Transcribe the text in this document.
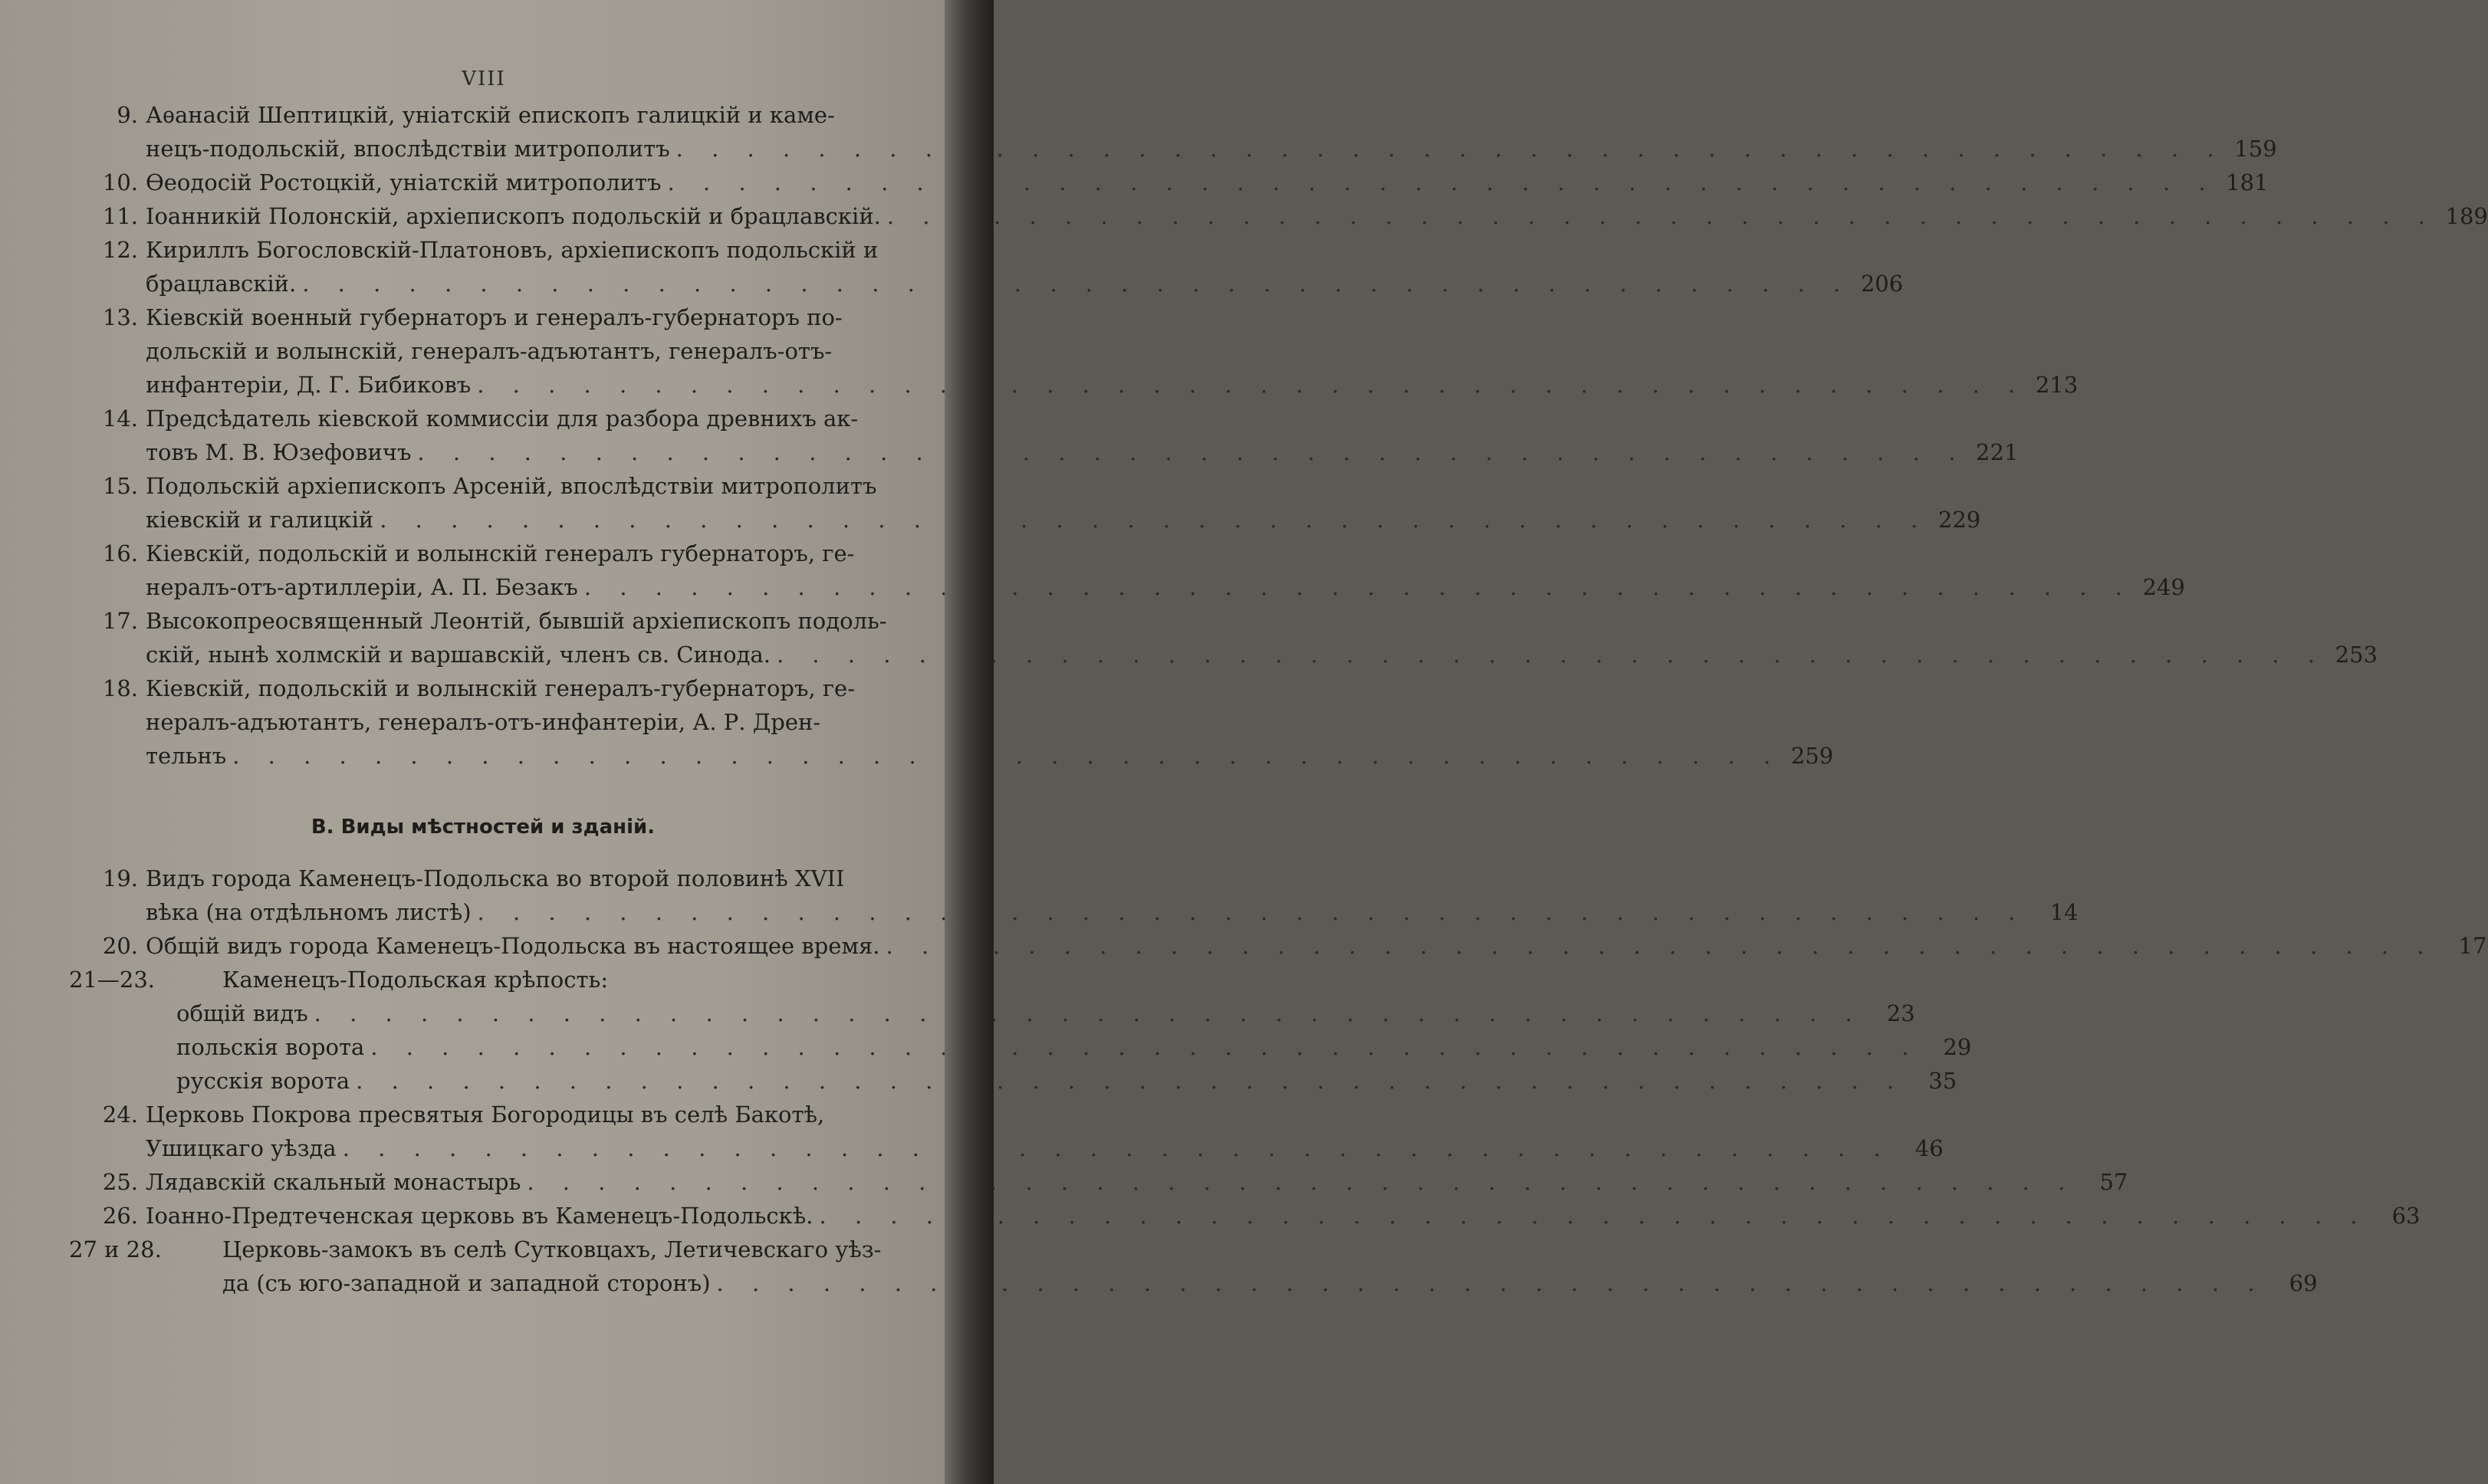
VIII
9. Аѳанасій Шептицкій, уніатскій епископъ галицкій и каме-
нецъ-подольскій, впослѣдствіи митрополитъ . . .	159
10. Ѳеодосій Ростоцкій, уніатскій митрополитъ . . .	181
11. Іоанникій Полонскій, архіепископъ подольскій и брацлавскій. . . .	189
12. Кириллъ Богословскій-Платоновъ, архіепископъ подольскій и
брацлавскій. . . .	206
13. Кіевскій военный губернаторъ и генералъ-губернаторъ по-
дольскій и волынскій, генералъ-адъютантъ, генералъ-отъ-
инфантеріи, Д. Г. Бибиковъ . . .	213
14. Предсѣдатель кіевской коммиссіи для разбора древнихъ ак-
товъ М. В. Юзефовичъ . . .	221
15. Подольскій архіепископъ Арсеній, впослѣдствіи митрополитъ
кіевскій и галицкій . . .	229
16. Кіевскій, подольскій и волынскій генералъ губернаторъ, ге-
нералъ-отъ-артиллеріи, А. П. Безакъ . . .	249
17. Высокопреосвященный Леонтій, бывшій архіепископъ подоль-
скій, нынѣ холмскій и варшавскій, членъ св. Синода. . . .	253
18. Кіевскій, подольскій и волынскій генералъ-губернаторъ, ге-
нералъ-адъютантъ, генералъ-отъ-инфантеріи, А. Р. Дрен-
тельнъ . . .	259
В. Виды мѣстностей и зданій.
19. Видъ города Каменецъ-Подольска во второй половинѣ XVII
вѣка (на отдѣльномъ листѣ) . . .	14
20. Общій видъ города Каменецъ-Подольска въ настоящее время. . . .	17
21—23.	Каменецъ-Подольская крѣпость:
общій видъ . . .	23
польскія ворота . . .	29
русскія ворота . . .	35
24. Церковь Покрова пресвятыя Богородицы въ селѣ Бакотѣ,
Ушицкаго уѣзда . . .	46
25. Лядавскій скальный монастырь . . .	57
26. Іоанно-Предтеченская церковь въ Каменецъ-Подольскѣ. . . .	63
27 и 28.	Церковь-замокъ въ селѣ Сутковцахъ, Летичевскаго уѣз-
да (съ юго-западной и западной сторонъ) . . .	69
